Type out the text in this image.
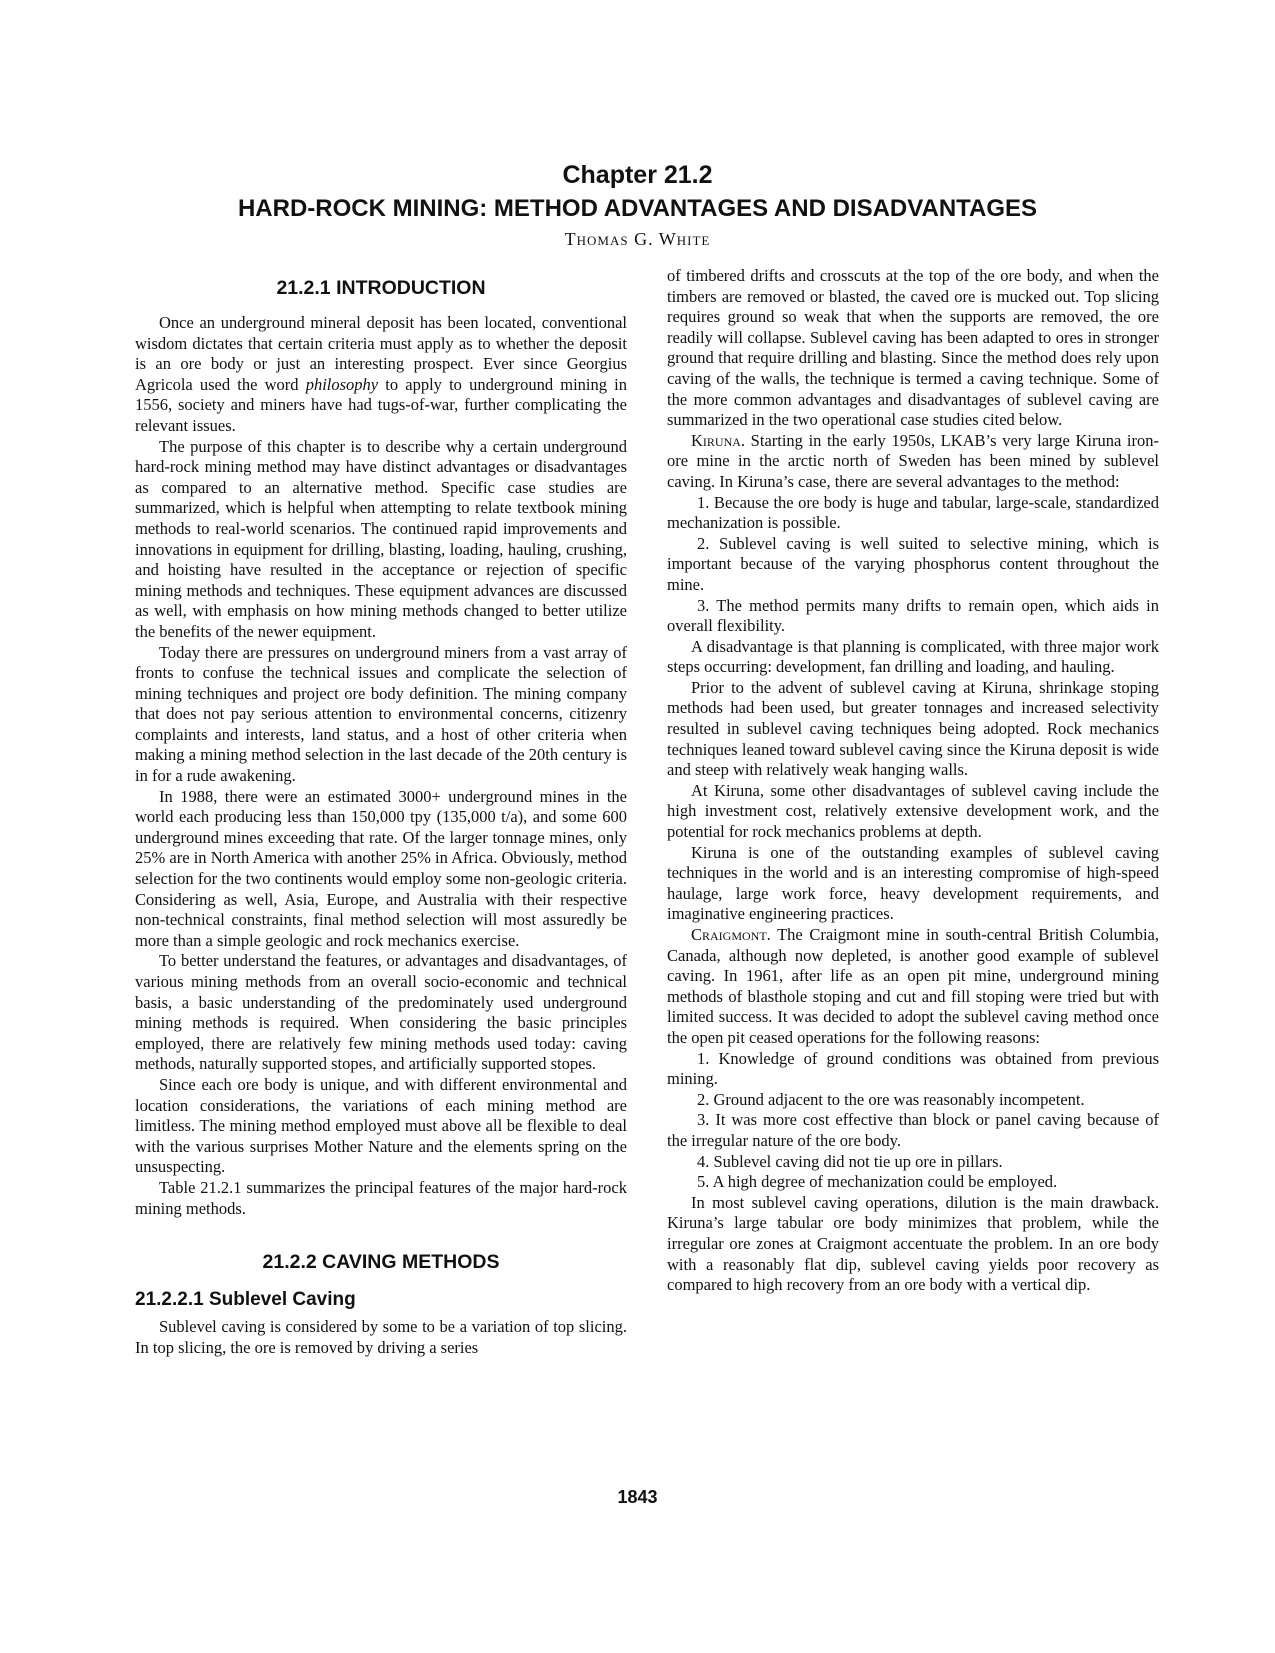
Chapter 21.2
HARD-ROCK MINING: METHOD ADVANTAGES AND DISADVANTAGES
Thomas G. White
21.2.1 INTRODUCTION

Once an underground mineral deposit has been located, conventional wisdom dictates that certain criteria must apply as to whether the deposit is an ore body or just an interesting prospect. Ever since Georgius Agricola used the word philosophy to apply to underground mining in 1556, society and miners have had tugs-of-war, further complicating the relevant issues.

The purpose of this chapter is to describe why a certain underground hard-rock mining method may have distinct advantages or disadvantages as compared to an alternative method. Specific case studies are summarized, which is helpful when attempting to relate textbook mining methods to real-world scenarios. The continued rapid improvements and innovations in equipment for drilling, blasting, loading, hauling, crushing, and hoisting have resulted in the acceptance or rejection of specific mining methods and techniques. These equipment advances are discussed as well, with emphasis on how mining methods changed to better utilize the benefits of the newer equipment.

Today there are pressures on underground miners from a vast array of fronts to confuse the technical issues and complicate the selection of mining techniques and project ore body definition. The mining company that does not pay serious attention to environmental concerns, citizenry complaints and interests, land status, and a host of other criteria when making a mining method selection in the last decade of the 20th century is in for a rude awakening.

In 1988, there were an estimated 3000+ underground mines in the world each producing less than 150,000 tpy (135,000 t/a), and some 600 underground mines exceeding that rate. Of the larger tonnage mines, only 25% are in North America with another 25% in Africa. Obviously, method selection for the two continents would employ some non-geologic criteria. Considering as well, Asia, Europe, and Australia with their respective non-technical constraints, final method selection will most assuredly be more than a simple geologic and rock mechanics exercise.

To better understand the features, or advantages and disadvantages, of various mining methods from an overall socio-economic and technical basis, a basic understanding of the predominately used underground mining methods is required. When considering the basic principles employed, there are relatively few mining methods used today: caving methods, naturally supported stopes, and artificially supported stopes.

Since each ore body is unique, and with different environmental and location considerations, the variations of each mining method are limitless. The mining method employed must above all be flexible to deal with the various surprises Mother Nature and the elements spring on the unsuspecting.

Table 21.2.1 summarizes the principal features of the major hard-rock mining methods.

21.2.2 CAVING METHODS
21.2.2.1 Sublevel Caving

Sublevel caving is considered by some to be a variation of top slicing. In top slicing, the ore is removed by driving a series

of timbered drifts and crosscuts at the top of the ore body, and when the timbers are removed or blasted, the caved ore is mucked out. Top slicing requires ground so weak that when the supports are removed, the ore readily will collapse. Sublevel caving has been adapted to ores in stronger ground that require drilling and blasting. Since the method does rely upon caving of the walls, the technique is termed a caving technique. Some of the more common advantages and disadvantages of sublevel caving are summarized in the two operational case studies cited below.

Kiruna. Starting in the early 1950s, LKAB’s very large Kiruna iron-ore mine in the arctic north of Sweden has been mined by sublevel caving. In Kiruna’s case, there are several advantages to the method:

1. Because the ore body is huge and tabular, large-scale, standardized mechanization is possible.

2. Sublevel caving is well suited to selective mining, which is important because of the varying phosphorus content throughout the mine.

3. The method permits many drifts to remain open, which aids in overall flexibility.

A disadvantage is that planning is complicated, with three major work steps occurring: development, fan drilling and loading, and hauling.

Prior to the advent of sublevel caving at Kiruna, shrinkage stoping methods had been used, but greater tonnages and increased selectivity resulted in sublevel caving techniques being adopted. Rock mechanics techniques leaned toward sublevel caving since the Kiruna deposit is wide and steep with relatively weak hanging walls.

At Kiruna, some other disadvantages of sublevel caving include the high investment cost, relatively extensive development work, and the potential for rock mechanics problems at depth.

Kiruna is one of the outstanding examples of sublevel caving techniques in the world and is an interesting compromise of high-speed haulage, large work force, heavy development requirements, and imaginative engineering practices.

Craigmont. The Craigmont mine in south-central British Columbia, Canada, although now depleted, is another good example of sublevel caving. In 1961, after life as an open pit mine, underground mining methods of blasthole stoping and cut and fill stoping were tried but with limited success. It was decided to adopt the sublevel caving method once the open pit ceased operations for the following reasons:

1. Knowledge of ground conditions was obtained from previous mining.

2. Ground adjacent to the ore was reasonably incompetent.

3. It was more cost effective than block or panel caving because of the irregular nature of the ore body.

4. Sublevel caving did not tie up ore in pillars.

5. A high degree of mechanization could be employed.

In most sublevel caving operations, dilution is the main drawback. Kiruna’s large tabular ore body minimizes that problem, while the irregular ore zones at Craigmont accentuate the problem. In an ore body with a reasonably flat dip, sublevel caving yields poor recovery as compared to high recovery from an ore body with a vertical dip.

1843
